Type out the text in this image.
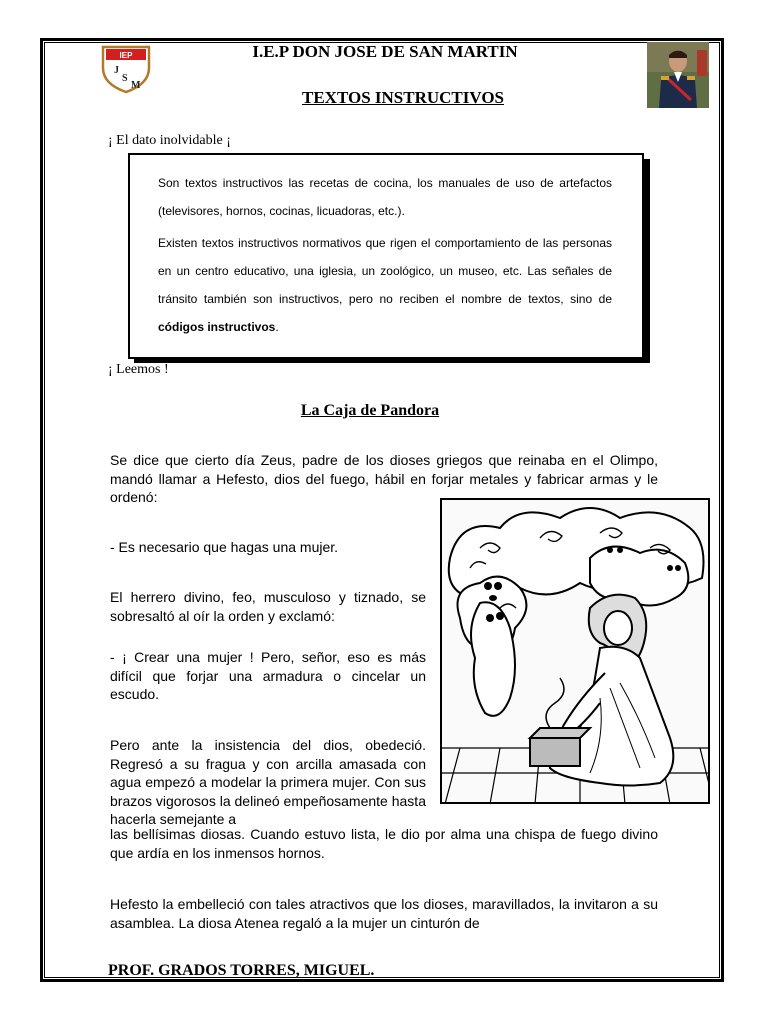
IEP
J
S
M
I.E.P DON JOSE DE SAN MARTIN
TEXTOS INSTRUCTIVOS
¡ El dato inolvidable ¡

Son textos instructivos las recetas de cocina, los manuales de uso de artefactos (televisores, hornos, cocinas, licuadoras, etc.).

Existen textos instructivos normativos que rigen el comportamiento de las personas en un centro educativo, una iglesia, un zoológico, un museo, etc. Las señales de tránsito también son instructivos, pero no reciben el nombre de textos, sino de códigos instructivos.

¡ Leemos !
La Caja de Pandora
Se dice que cierto día Zeus, padre de los dioses griegos que reinaba en el Olimpo, mandó llamar a Hefesto, dios del fuego, hábil en forjar metales y fabricar armas y le ordenó:
- Es necesario que hagas una mujer.
El herrero divino, feo, musculoso y tiznado, se sobresaltó al oír la orden y exclamó:
- ¡ Crear una mujer ! Pero, señor, eso es más difícil que forjar una armadura o cincelar un escudo.
Pero ante la insistencia del dios, obedeció. Regresó a su fragua y con arcilla amasada con agua empezó a modelar la primera mujer. Con sus brazos vigorosos la delineó empeñosamente hasta hacerla semejante a
las bellísimas diosas. Cuando estuvo lista, le dio por alma una chispa de fuego divino que ardía en los inmensos hornos.
Hefesto la embelleció con tales atractivos que los dioses, maravillados, la invitaron a su asamblea. La diosa Atenea regaló a la mujer un cinturón de
PROF. GRADOS TORRES, MIGUEL.
